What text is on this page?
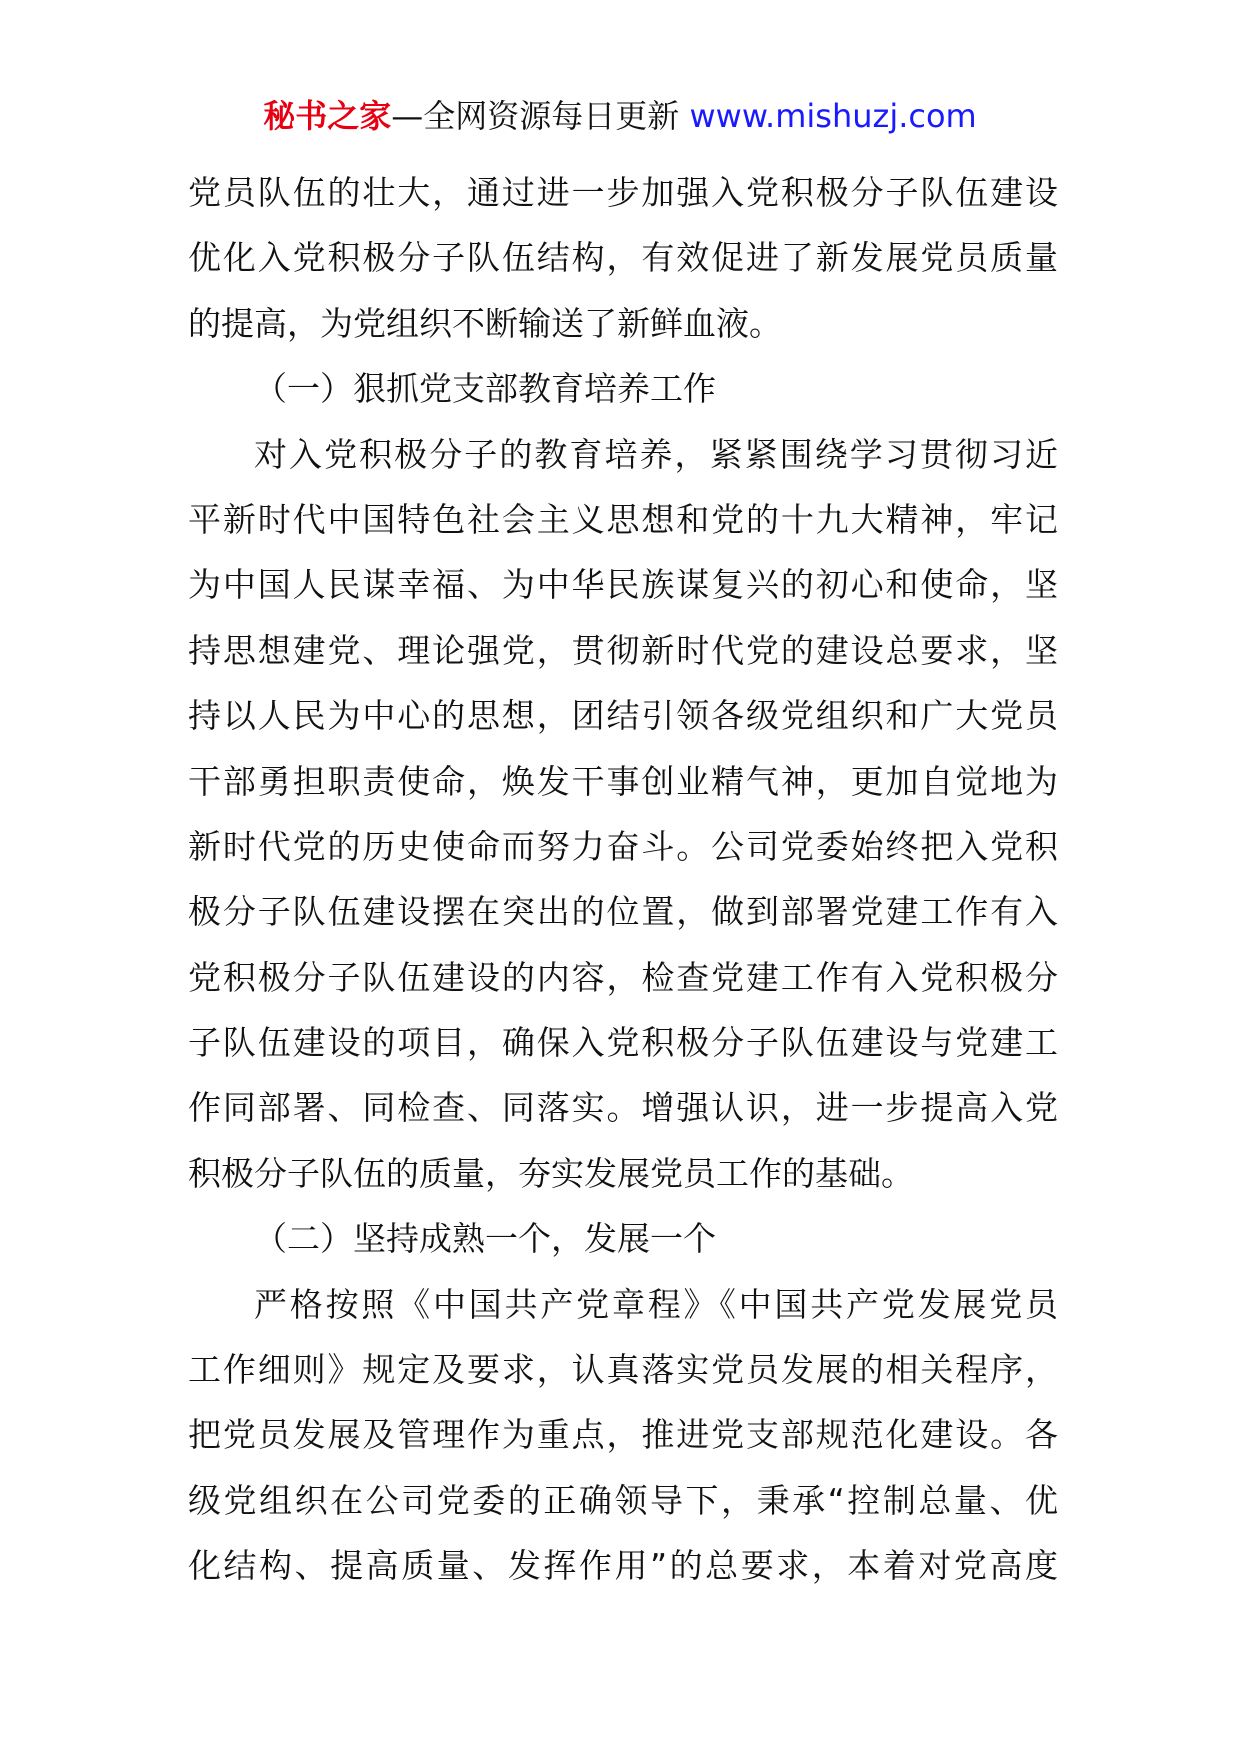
秘书之家—全网资源每日更新 www.mishuzj.com
党员队伍的壮大，通过进一步加强入党积极分子队伍建设
优化入党积极分子队伍结构，有效促进了新发展党员质量
的提高，为党组织不断输送了新鲜血液。
（一）狠抓党支部教育培养工作
对入党积极分子的教育培养，紧紧围绕学习贯彻习近
平新时代中国特色社会主义思想和党的十九大精神，牢记
为中国人民谋幸福、为中华民族谋复兴的初心和使命，坚
持思想建党、理论强党，贯彻新时代党的建设总要求，坚
持以人民为中心的思想，团结引领各级党组织和广大党员
干部勇担职责使命，焕发干事创业精气神，更加自觉地为
新时代党的历史使命而努力奋斗。公司党委始终把入党积
极分子队伍建设摆在突出的位置，做到部署党建工作有入
党积极分子队伍建设的内容，检查党建工作有入党积极分
子队伍建设的项目，确保入党积极分子队伍建设与党建工
作同部署、同检查、同落实。增强认识，进一步提高入党
积极分子队伍的质量，夯实发展党员工作的基础。
（二）坚持成熟一个，发展一个
严格按照《中国共产党章程》《中国共产党发展党员
工作细则》规定及要求，认真落实党员发展的相关程序，
把党员发展及管理作为重点，推进党支部规范化建设。各
级党组织在公司党委的正确领导下，秉承“控制总量、优
化结构、提高质量、发挥作用”的总要求，本着对党高度
